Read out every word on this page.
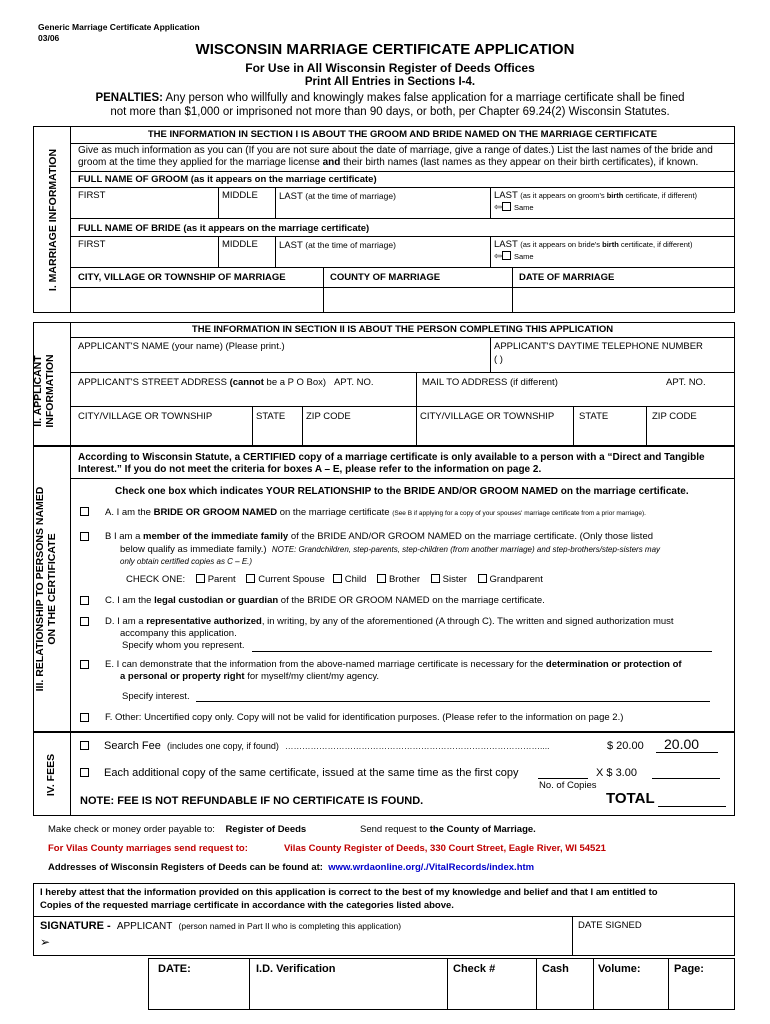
Generic Marriage Certificate Application
03/06
WISCONSIN MARRIAGE CERTIFICATE APPLICATION
For Use in All Wisconsin Register of Deeds Offices
Print All Entries in Sections I-4.
PENALTIES: Any person who willfully and knowingly makes false application for a marriage certificate shall be fined
not more than $1,000 or imprisoned not more than 90 days, or both, per Chapter 69.24(2) Wisconsin Statutes.
I. MARRIAGE INFORMATION
THE INFORMATION IN SECTION I IS ABOUT THE GROOM AND BRIDE NAMED ON THE MARRIAGE CERTIFICATE
Give as much information as you can (If you are not sure about the date of marriage, give a range of dates.) List the last names of the bride and
groom at the time they applied for the marriage license and their birth names (last names as they appear on their birth certificates), if known.
FULL NAME OF GROOM (as it appears on the marriage certificate)
FIRST	MIDDLE LAST (at the time of marriage)	LAST (as it appears on groom's birth certificate, if different)
⇦ Same
FULL NAME OF BRIDE (as it appears on the marriage certificate)
FIRST	MIDDLE LAST (at the time of marriage)	LAST (as it appears on bride's birth certificate, if different)
⇦ Same
CITY, VILLAGE OR TOWNSHIP OF MARRIAGE	COUNTY OF MARRIAGE	DATE OF MARRIAGE
II. APPLICANT INFORMATION
THE INFORMATION IN SECTION II IS ABOUT THE PERSON COMPLETING THIS APPLICATION
APPLICANT'S NAME (your name) (Please print.)	APPLICANT'S DAYTIME TELEPHONE NUMBER
( )
APPLICANT'S STREET ADDRESS (cannot be a P O Box) APT. NO.	MAIL TO ADDRESS (if different)	APT. NO.
CITY/VILLAGE OR TOWNSHIP	STATE ZIP CODE	CITY/VILLAGE OR TOWNSHIP	STATE	ZIP CODE
III. RELATIONSHIP TO PERSONS NAMED ON THE CERTIFICATE
According to Wisconsin Statute, a CERTIFIED copy of a marriage certificate is only available to a person with a “Direct and Tangible
Interest.” If you do not meet the criteria for boxes A – E, please refer to the information on page 2.
Check one box which indicates YOUR RELATIONSHIP to the BRIDE AND/OR GROOM NAMED on the marriage certificate.
A. I am the BRIDE OR GROOM NAMED on the marriage certificate (See B if applying for a copy of your spouses' marriage certificate from a prior marriage).
B I am a member of the immediate family of the BRIDE AND/OR GROOM NAMED on the marriage certificate. (Only those listed
below qualify as immediate family.) NOTE: Grandchildren, step-parents, step-children (from another marriage) and step-brothers/step-sisters may
only obtain certified copies as C – E.)
CHECK ONE: Parent Current Spouse Child Brother Sister Grandparent
C. I am the legal custodian or guardian of the BRIDE OR GROOM NAMED on the marriage certificate.
D. I am a representative authorized, in writing, by any of the aforementioned (A through C). The written and signed authorization must
accompany this application.
Specify whom you represent.
E. I can demonstrate that the information from the above-named marriage certificate is necessary for the determination or protection of
a personal or property right for myself/my client/my agency.
Specify interest.
F. Other: Uncertified copy only. Copy will not be valid for identification purposes. (Please refer to the information on page 2.)
IV. FEES
Search Fee (includes one copy, if found) ………………………………………………………………………………....	$ 20.00 20.00
Each additional copy of the same certificate, issued at the same time as the first copy	X $ 3.00
No. of Copies
NOTE: FEE IS NOT REFUNDABLE IF NO CERTIFICATE IS FOUND.	TOTAL
Make check or money order payable to: Register of Deeds	Send request to the County of Marriage.
For Vilas County marriages send request to:	Vilas County Register of Deeds, 330 Court Street, Eagle River, WI 54521
Addresses of Wisconsin Registers of Deeds can be found at: www.wrdaonline.org/./VitalRecords/index.htm
I hereby attest that the information provided on this application is correct to the best of my knowledge and belief and that I am entitled to
Copies of the requested marriage certificate in accordance with the categories listed above.
SIGNATURE - APPLICANT (person named in Part II who is completing this application)
➢
DATE SIGNED
DATE:	I.D. Verification	Check #	Cash	Volume:	Page:
